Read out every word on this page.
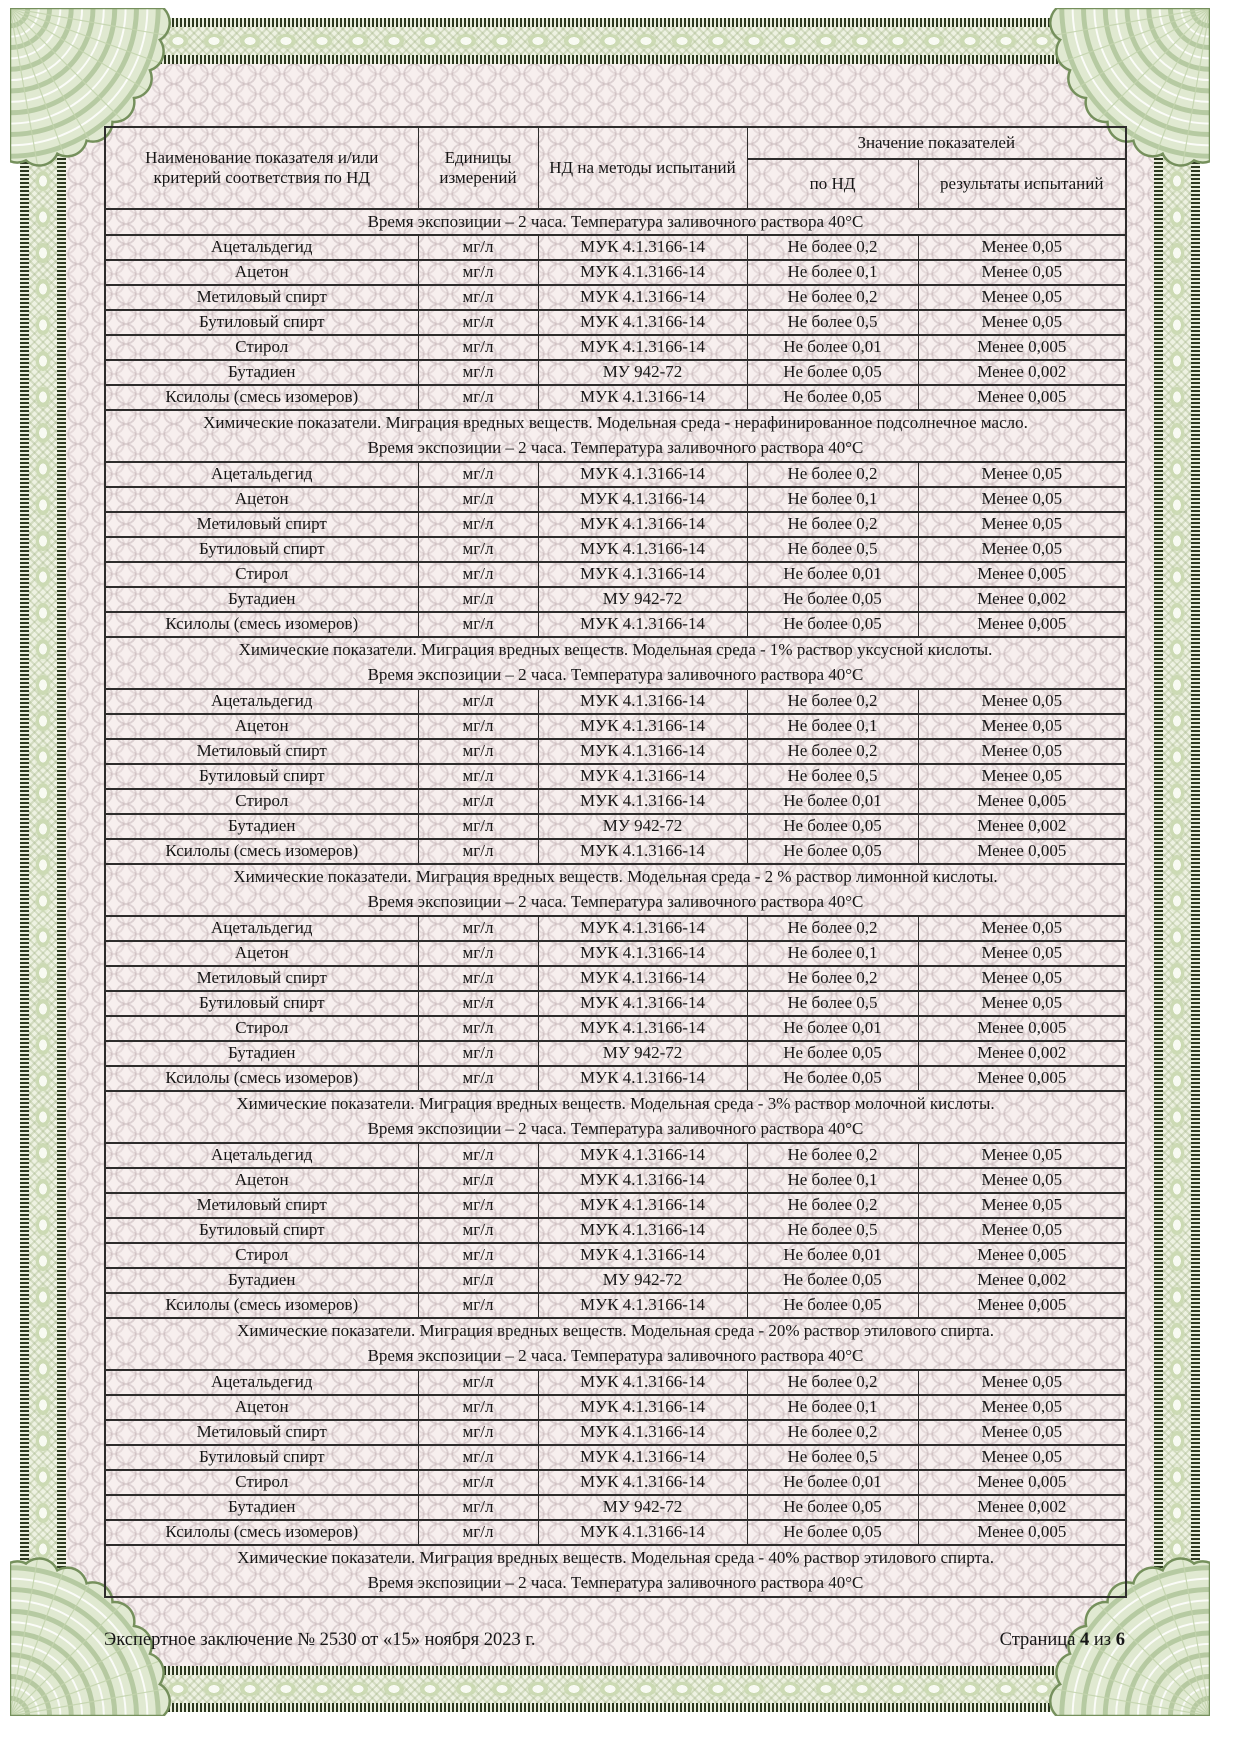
Наименование показателя и/или критерий соответствия по НД	Единицы измерений	НД на методы испытаний	Значение показателей	
			по НД	результаты испытаний
Время экспозиции – 2 часа. Температура заливочного раствора 40°С				
Ацетальдегид	мг/л	МУК 4.1.3166-14	Не более 0,2	Менее 0,05
Ацетон	мг/л	МУК 4.1.3166-14	Не более 0,1	Менее 0,05
Метиловый спирт	мг/л	МУК 4.1.3166-14	Не более 0,2	Менее 0,05
Бутиловый спирт	мг/л	МУК 4.1.3166-14	Не более 0,5	Менее 0,05
Стирол	мг/л	МУК 4.1.3166-14	Не более 0,01	Менее 0,005
Бутадиен	мг/л	МУ 942-72	Не более 0,05	Менее 0,002
Ксилолы (смесь изомеров)	мг/л	МУК 4.1.3166-14	Не более 0,05	Менее 0,005
Химические показатели. Миграция вредных веществ. Модельная среда - нерафинированное подсолнечное масло.				
Время экспозиции – 2 часа. Температура заливочного раствора 40°С				
Ацетальдегид	мг/л	МУК 4.1.3166-14	Не более 0,2	Менее 0,05
Ацетон	мг/л	МУК 4.1.3166-14	Не более 0,1	Менее 0,05
Метиловый спирт	мг/л	МУК 4.1.3166-14	Не более 0,2	Менее 0,05
Бутиловый спирт	мг/л	МУК 4.1.3166-14	Не более 0,5	Менее 0,05
Стирол	мг/л	МУК 4.1.3166-14	Не более 0,01	Менее 0,005
Бутадиен	мг/л	МУ 942-72	Не более 0,05	Менее 0,002
Ксилолы (смесь изомеров)	мг/л	МУК 4.1.3166-14	Не более 0,05	Менее 0,005
Химические показатели. Миграция вредных веществ. Модельная среда - 1% раствор уксусной кислоты.				
Время экспозиции – 2 часа. Температура заливочного раствора 40°С				
Ацетальдегид	мг/л	МУК 4.1.3166-14	Не более 0,2	Менее 0,05
Ацетон	мг/л	МУК 4.1.3166-14	Не более 0,1	Менее 0,05
Метиловый спирт	мг/л	МУК 4.1.3166-14	Не более 0,2	Менее 0,05
Бутиловый спирт	мг/л	МУК 4.1.3166-14	Не более 0,5	Менее 0,05
Стирол	мг/л	МУК 4.1.3166-14	Не более 0,01	Менее 0,005
Бутадиен	мг/л	МУ 942-72	Не более 0,05	Менее 0,002
Ксилолы (смесь изомеров)	мг/л	МУК 4.1.3166-14	Не более 0,05	Менее 0,005
Химические показатели. Миграция вредных веществ. Модельная среда - 2 % раствор лимонной кислоты.				
Время экспозиции – 2 часа. Температура заливочного раствора 40°С				
Ацетальдегид	мг/л	МУК 4.1.3166-14	Не более 0,2	Менее 0,05
Ацетон	мг/л	МУК 4.1.3166-14	Не более 0,1	Менее 0,05
Метиловый спирт	мг/л	МУК 4.1.3166-14	Не более 0,2	Менее 0,05
Бутиловый спирт	мг/л	МУК 4.1.3166-14	Не более 0,5	Менее 0,05
Стирол	мг/л	МУК 4.1.3166-14	Не более 0,01	Менее 0,005
Бутадиен	мг/л	МУ 942-72	Не более 0,05	Менее 0,002
Ксилолы (смесь изомеров)	мг/л	МУК 4.1.3166-14	Не более 0,05	Менее 0,005
Химические показатели. Миграция вредных веществ. Модельная среда - 3% раствор молочной кислоты.				
Время экспозиции – 2 часа. Температура заливочного раствора 40°С				
Ацетальдегид	мг/л	МУК 4.1.3166-14	Не более 0,2	Менее 0,05
Ацетон	мг/л	МУК 4.1.3166-14	Не более 0,1	Менее 0,05
Метиловый спирт	мг/л	МУК 4.1.3166-14	Не более 0,2	Менее 0,05
Бутиловый спирт	мг/л	МУК 4.1.3166-14	Не более 0,5	Менее 0,05
Стирол	мг/л	МУК 4.1.3166-14	Не более 0,01	Менее 0,005
Бутадиен	мг/л	МУ 942-72	Не более 0,05	Менее 0,002
Ксилолы (смесь изомеров)	мг/л	МУК 4.1.3166-14	Не более 0,05	Менее 0,005
Химические показатели. Миграция вредных веществ. Модельная среда - 20% раствор этилового спирта.				
Время экспозиции – 2 часа. Температура заливочного раствора 40°С				
Ацетальдегид	мг/л	МУК 4.1.3166-14	Не более 0,2	Менее 0,05
Ацетон	мг/л	МУК 4.1.3166-14	Не более 0,1	Менее 0,05
Метиловый спирт	мг/л	МУК 4.1.3166-14	Не более 0,2	Менее 0,05
Бутиловый спирт	мг/л	МУК 4.1.3166-14	Не более 0,5	Менее 0,05
Стирол	мг/л	МУК 4.1.3166-14	Не более 0,01	Менее 0,005
Бутадиен	мг/л	МУ 942-72	Не более 0,05	Менее 0,002
Ксилолы (смесь изомеров)	мг/л	МУК 4.1.3166-14	Не более 0,05	Менее 0,005
Химические показатели. Миграция вредных веществ. Модельная среда - 40% раствор этилового спирта.				
Время экспозиции – 2 часа. Температура заливочного раствора 40°С				
Экспертное заключение № 2530 от «15» ноября 2023 г.	Страница 4 из 6
